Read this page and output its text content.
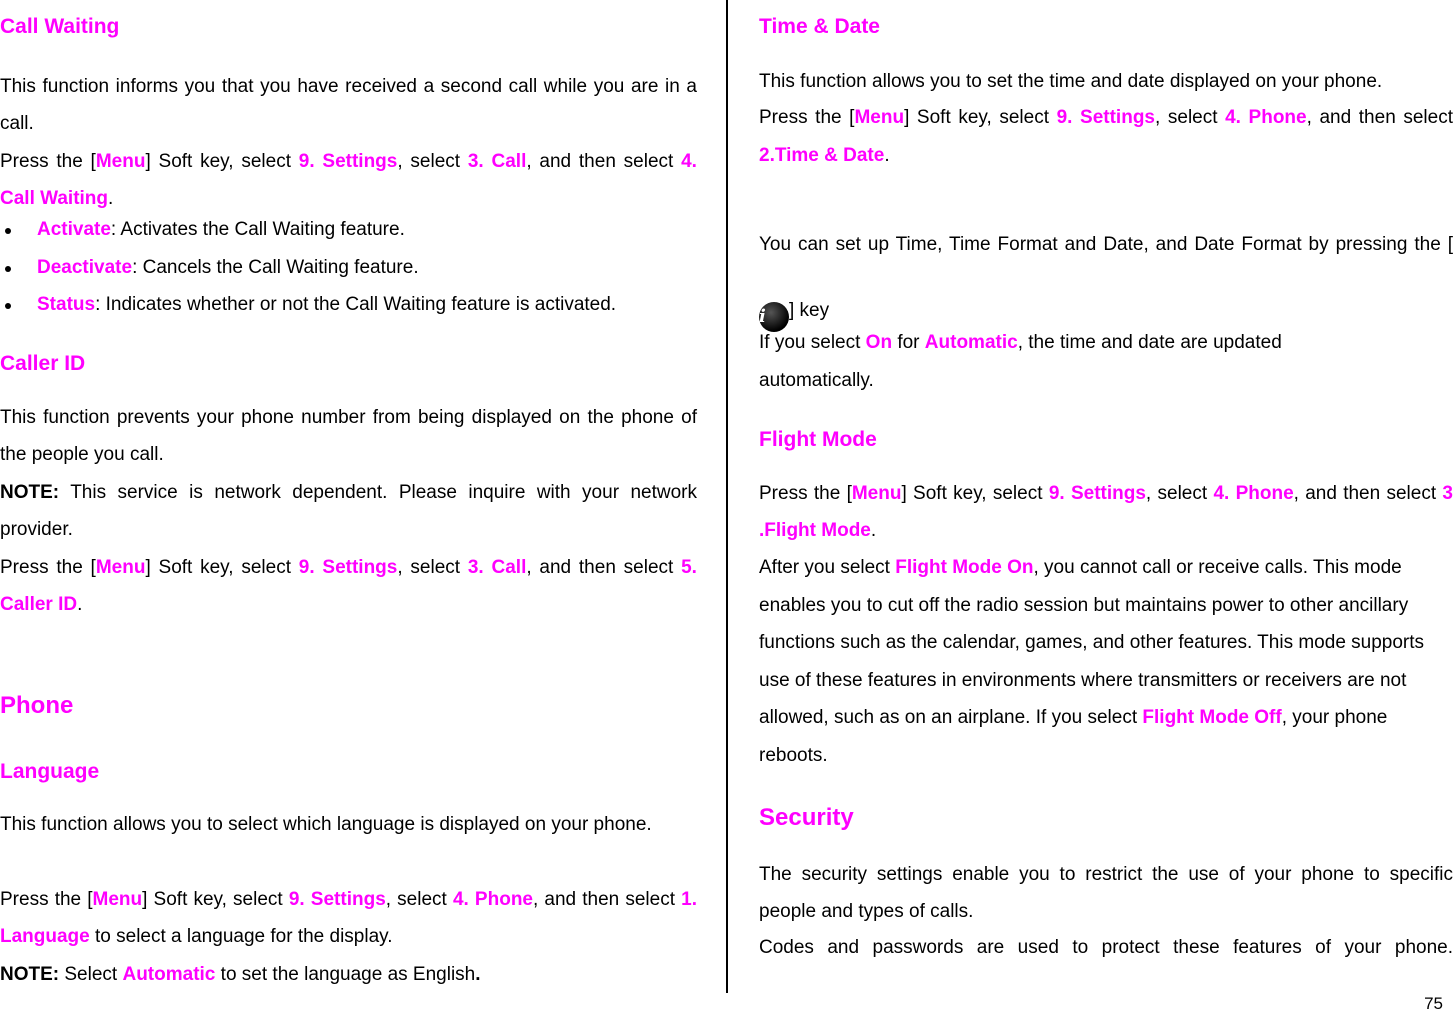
Call Waiting
This function informs you that you have received a second call while you are in a call.
Press the [Menu] Soft key, select 9. Settings, select 3. Call, and then select 4. Call Waiting.
Activate: Activates the Call Waiting feature.
Deactivate: Cancels the Call Waiting feature.
Status: Indicates whether or not the Call Waiting feature is activated.
Caller ID
This function prevents your phone number from being displayed on the phone of the people you call.
NOTE: This service is network dependent. Please inquire with your network provider.
Press the [Menu] Soft key, select 9. Settings, select 3. Call, and then select 5. Caller ID.
Phone
Language
This function allows you to select which language is displayed on your phone.
Press the [Menu] Soft key, select 9. Settings, select 4. Phone, and then select 1. Language to select a language for the display.
NOTE: Select Automatic to set the language as English.
Time & Date
This function allows you to set the time and date displayed on your phone.
Press the [Menu] Soft key, select 9. Settings, select 4. Phone, and then select 2.Time & Date.
You can set up Time, Time Format and Date, and Date Format by pressing the [i ] key
If you select On for Automatic, the time and date are updated automatically.
Flight Mode
Press the [Menu] Soft key, select 9. Settings, select 4. Phone, and then select 3 .Flight Mode.
After you select Flight Mode On, you cannot call or receive calls. This mode enables you to cut off the radio session but maintains power to other ancillary functions such as the calendar, games, and other features. This mode supports use of these features in environments where transmitters or receivers are not allowed, such as on an airplane. If you select Flight Mode Off, your phone reboots.
Security
The security settings enable you to restrict the use of your phone to specific people and types of calls.
Codes and passwords are used to protect these features of your phone.
75
